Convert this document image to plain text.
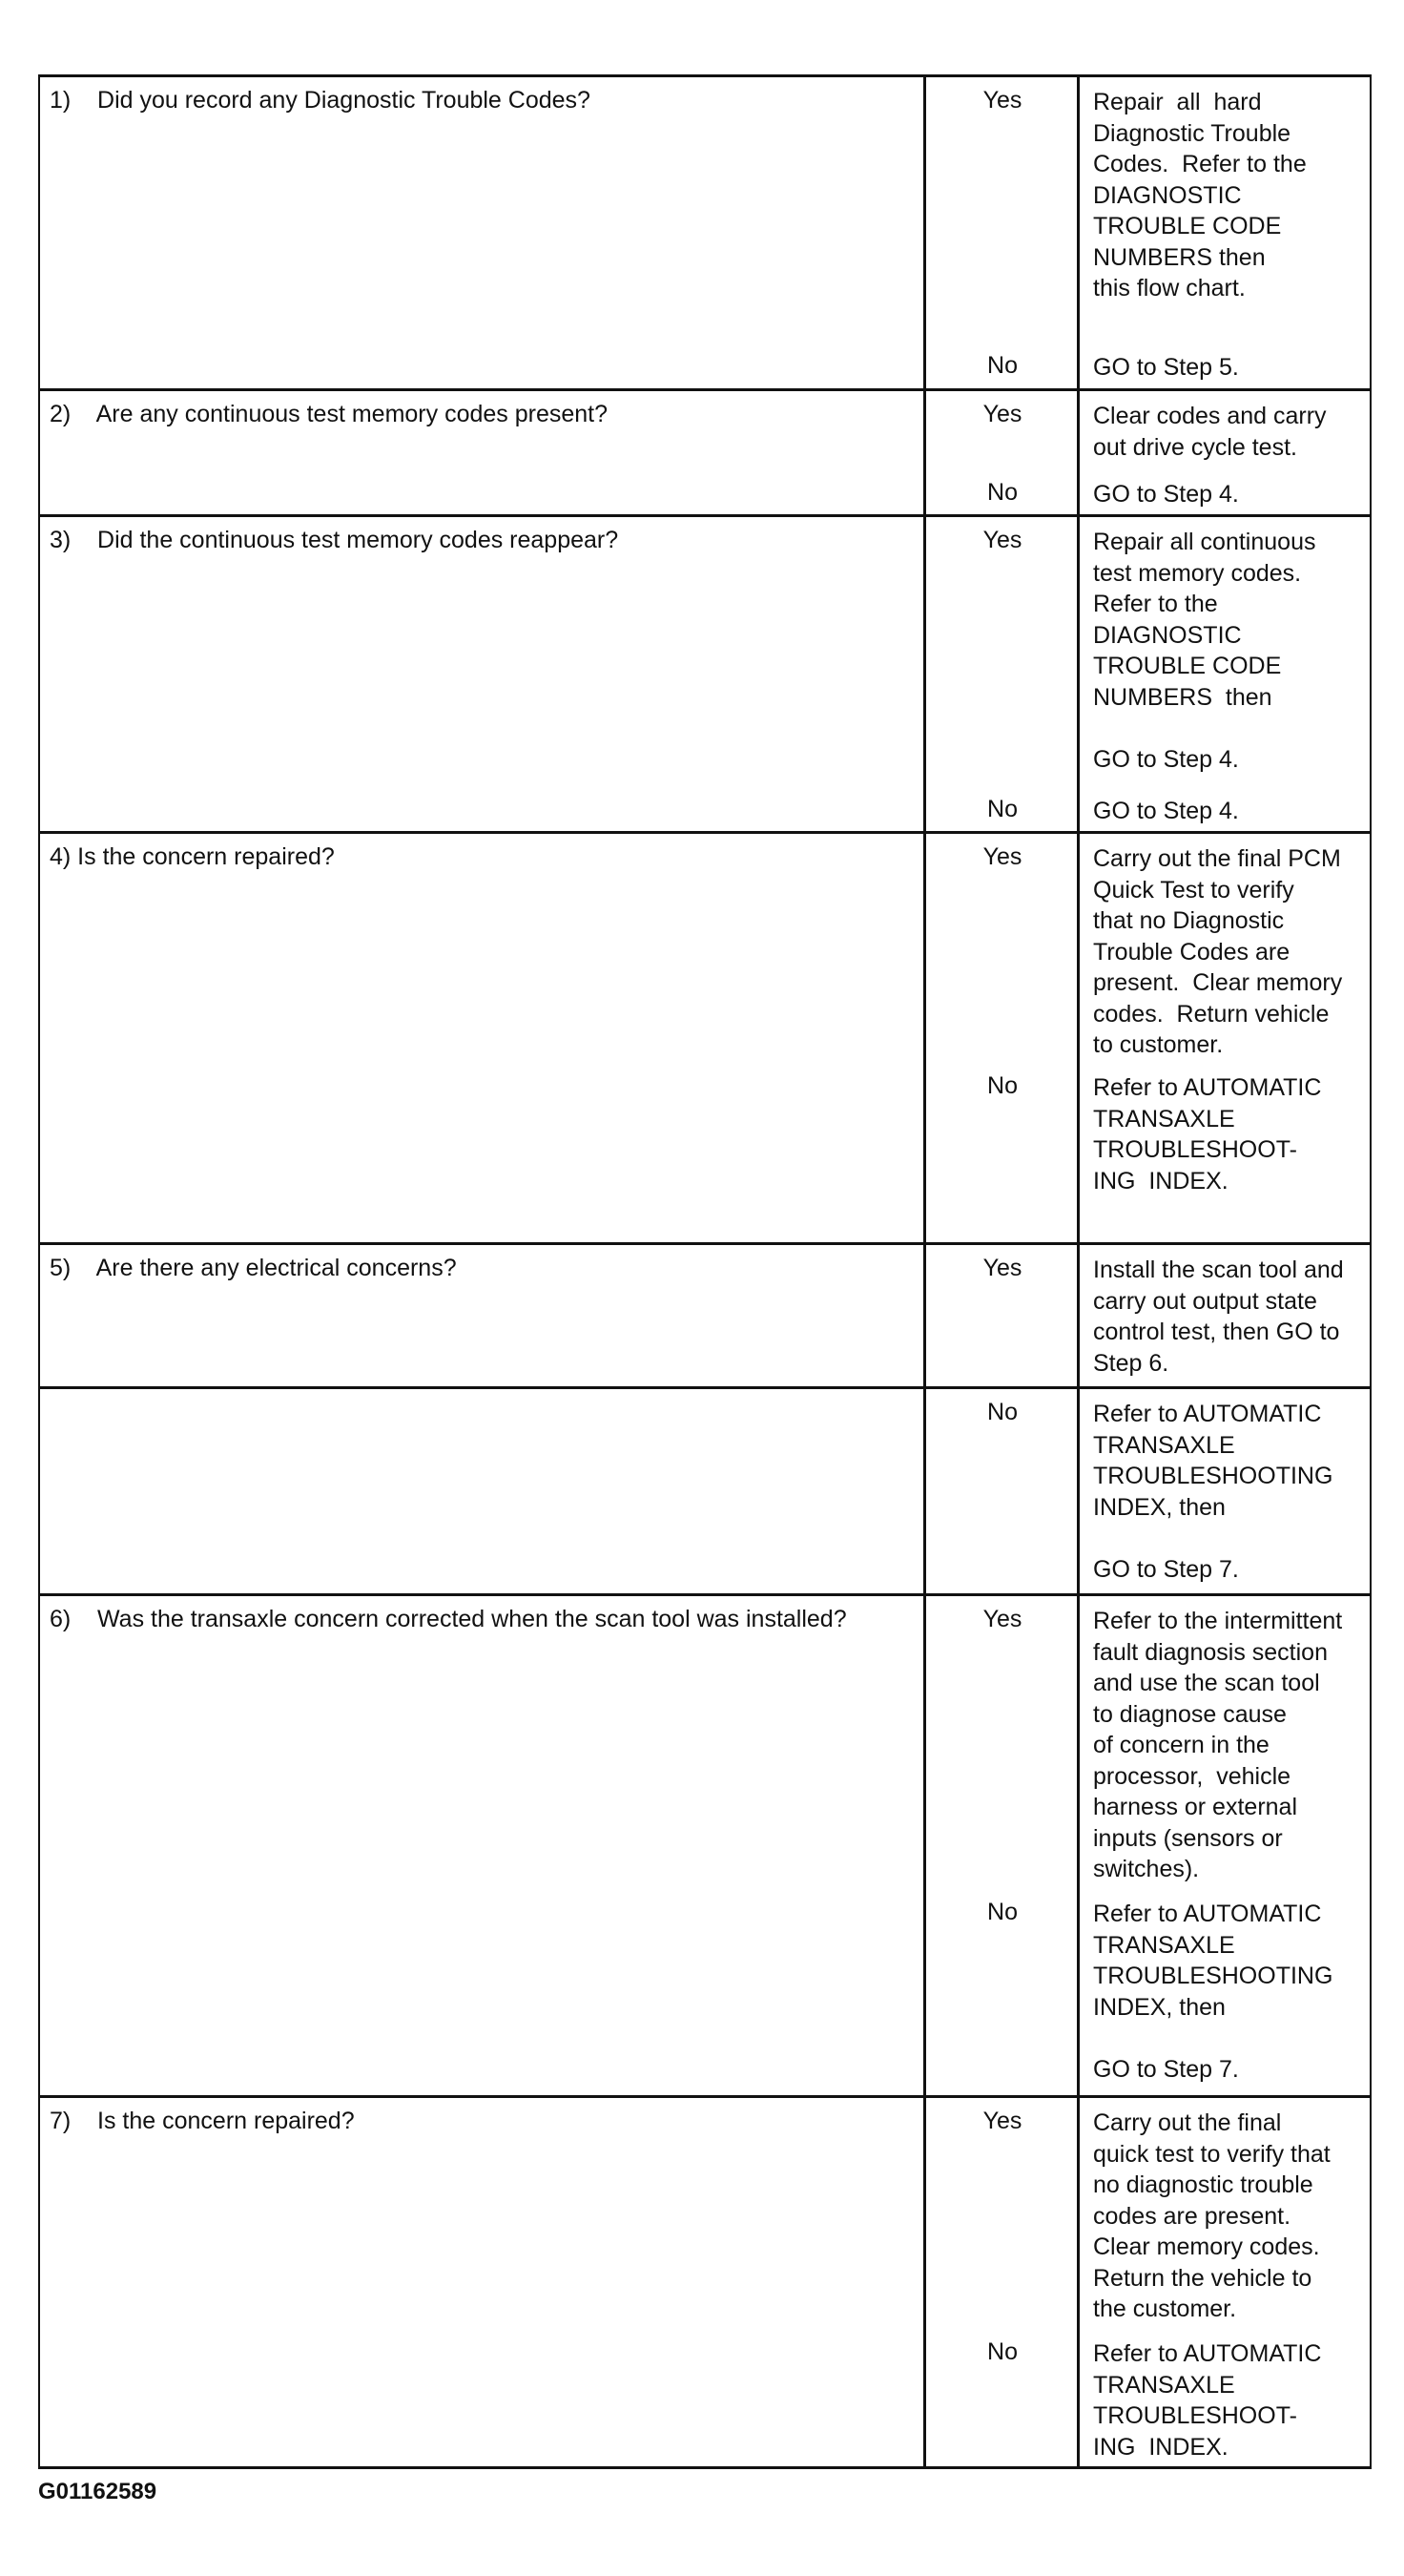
1)    Did you record any Diagnostic Trouble Codes?	Yes	Repair  all  hard
Diagnostic Trouble
Codes.  Refer to the
DIAGNOSTIC
TROUBLE CODE
NUMBERS then
this flow chart.
No	GO to Step 5.
2)    Are any continuous test memory codes present?	Yes	Clear codes and carry
out drive cycle test.
No	GO to Step 4.
3)    Did the continuous test memory codes reappear?	Yes	Repair all continuous
test memory codes.
Refer to the
DIAGNOSTIC
TROUBLE CODE
NUMBERS  then

GO to Step 4.
No	GO to Step 4.
4) Is the concern repaired?	Yes	Carry out the final PCM
Quick Test to verify
that no Diagnostic
Trouble Codes are
present.  Clear memory
codes.  Return vehicle
to customer.
No	Refer to AUTOMATIC
TRANSAXLE
TROUBLESHOOT-
ING  INDEX.
5)    Are there any electrical concerns?	Yes	Install the scan tool and
carry out output state
control test, then GO to
Step 6.
No	Refer to AUTOMATIC
TRANSAXLE
TROUBLESHOOTING
INDEX, then

GO to Step 7.
6)    Was the transaxle concern corrected when the scan tool was installed?	Yes	Refer to the intermittent
fault diagnosis section
and use the scan tool
to diagnose cause
of concern in the
processor,  vehicle
harness or external
inputs (sensors or
switches).
No	Refer to AUTOMATIC
TRANSAXLE
TROUBLESHOOTING
INDEX, then

GO to Step 7.
7)    Is the concern repaired?	Yes	Carry out the final
quick test to verify that
no diagnostic trouble
codes are present.
Clear memory codes.
Return the vehicle to
the customer.
No	Refer to AUTOMATIC
TRANSAXLE
TROUBLESHOOT-
ING  INDEX.
G01162589
